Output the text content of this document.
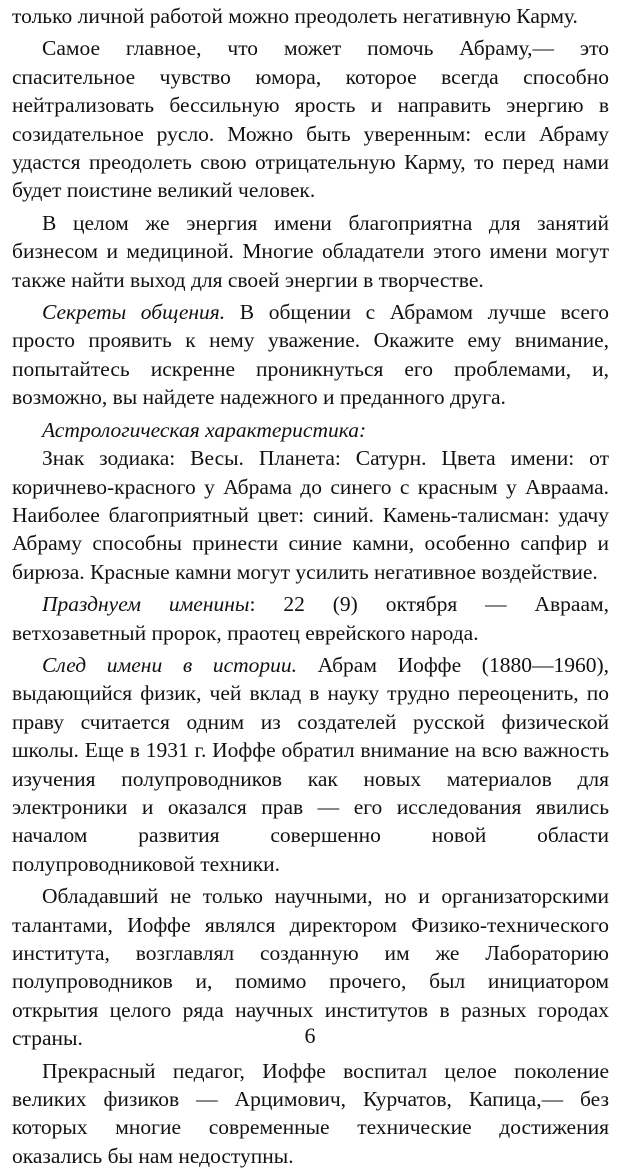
только личной работой можно преодолеть негативную Карму.

Самое главное, что может помочь Абраму,— это спасительное чувство юмора, которое всегда способно нейтрализовать бессильную ярость и направить энергию в созидательное русло. Можно быть уверенным: если Абраму удастся преодолеть свою отрицательную Карму, то перед нами будет поистине великий человек.

В целом же энергия имени благоприятна для занятий бизнесом и медициной. Многие обладатели этого имени могут также найти выход для своей энергии в творчестве.

Секреты общения. В общении с Абрамом лучше всего просто проявить к нему уважение. Окажите ему внимание, попытайтесь искренне проникнуться его проблемами, и, возможно, вы найдете надежного и преданного друга.

Астрологическая характеристика:

Знак зодиака: Весы. Планета: Сатурн. Цвета имени: от коричнево-красного у Абрама до синего с красным у Авраама. Наиболее благоприятный цвет: синий. Камень-талисман: удачу Абраму способны принести синие камни, особенно сапфир и бирюза. Красные камни могут усилить негативное воздействие.

Празднуем именины: 22 (9) октября — Авраам, ветхозаветный пророк, праотец еврейского народа.

След имени в истории. Абрам Иоффе (1880—1960), выдающийся физик, чей вклад в науку трудно переоценить, по праву считается одним из создателей русской физической школы. Еще в 1931 г. Иоффе обратил внимание на всю важность изучения полупроводников как новых материалов для электроники и оказался прав — его исследования явились началом развития совершенно новой области полупроводниковой техники.

Обладавший не только научными, но и организаторскими талантами, Иоффе являлся директором Физико-технического института, возглавлял созданную им же Лабораторию полупроводников и, помимо прочего, был инициатором открытия целого ряда научных институтов в разных городах страны.

Прекрасный педагог, Иоффе воспитал целое поколение великих физиков — Арцимович, Курчатов, Капица,— без которых многие современные технические достижения оказались бы нам недоступны.

6
